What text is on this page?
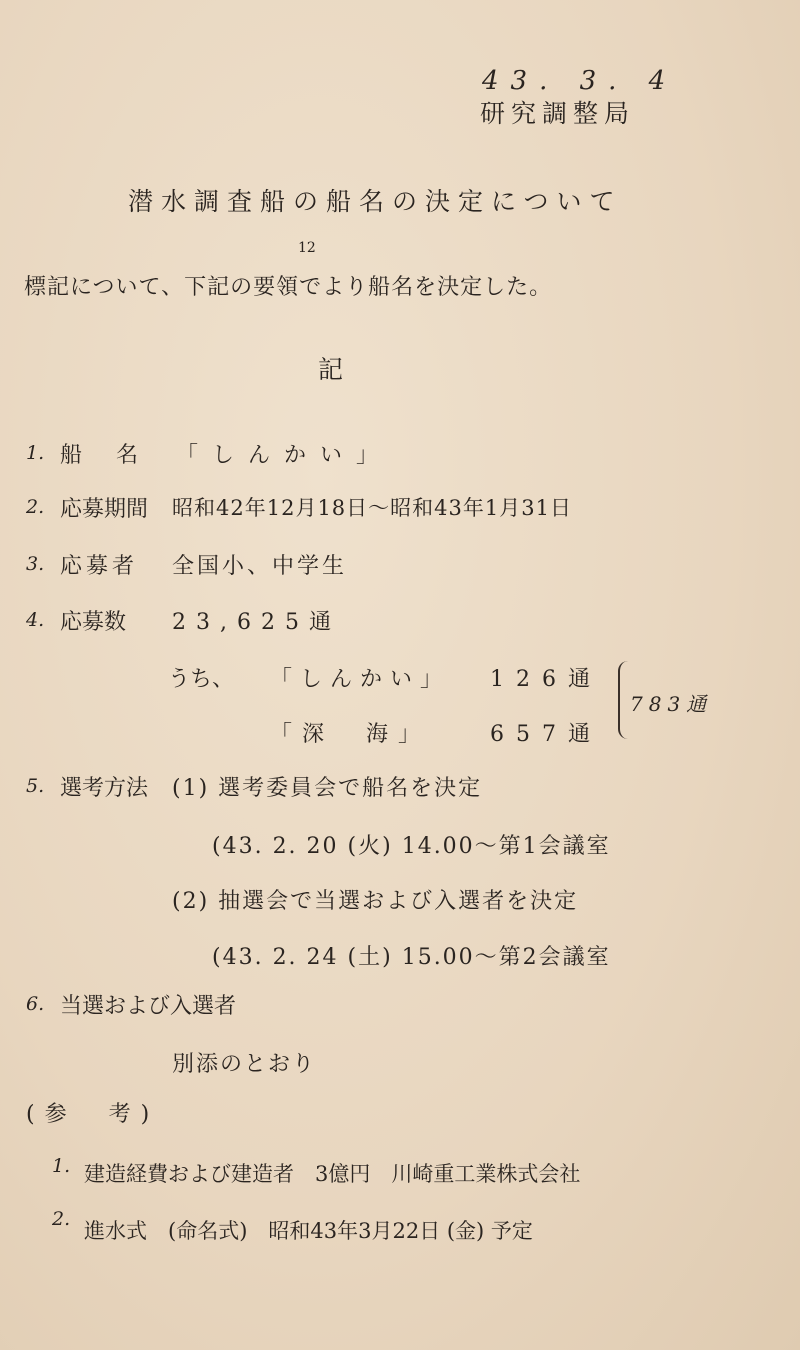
43. 3. 4
研究調整局
潜水調査船の船名の決定について
12
標記について、下記の要領でより船名を決定した。
記
1. 船　名 「しんかい」
2. 応募期間 昭和42年12月18日〜昭和43年1月31日
3. 応募者 全国小、中学生
4. 応募数 23,625通
うち、 「しんかい」 126通
「深　海」	657通
783通
5. 選考方法 (1) 選考委員会で船名を決定
(43. 2. 20 (火) 14.00〜第1会議室
(2) 抽選会で当選および入選者を決定
(43. 2. 24 (土) 15.00〜第2会議室
6. 当選および入選者
別添のとおり
(参　考)
1. 建造経費および建造者　3億円　川崎重工業株式会社
2. 進水式　(命名式)　昭和43年3月22日 (金) 予定
